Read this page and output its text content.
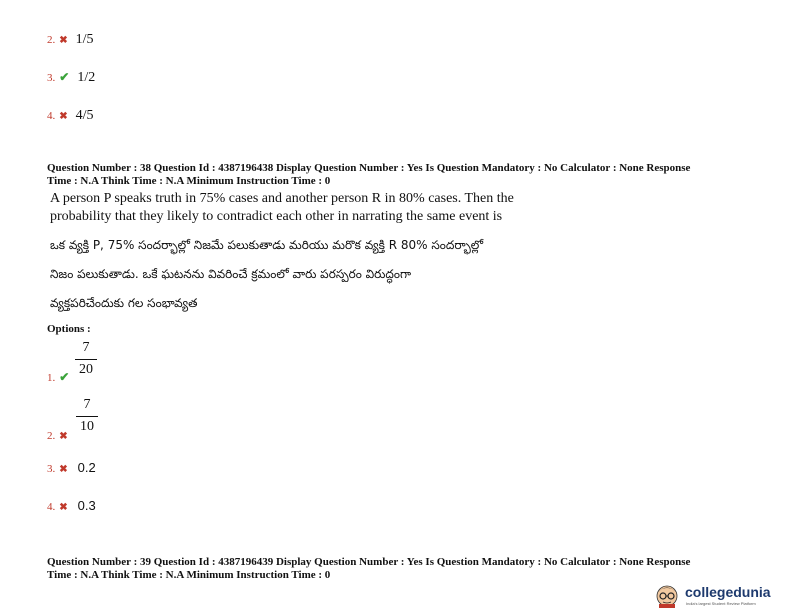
2. ✖ 1/5
3. ✔ 1/2
4. ✖ 4/5
Question Number : 38 Question Id : 4387196438 Display Question Number : Yes Is Question Mandatory : No Calculator : None Response
Time : N.A Think Time : N.A Minimum Instruction Time : 0
A person P speaks truth in 75% cases and another person R in 80% cases. Then the
probability that they likely to contradict each other in narrating the same event is
ఒక వ్యక్తి P, 75% సందర్భాల్లో నిజమే పలుకుతాడు మరియు మరొక వ్యక్తి R 80% సందర్భాల్లో
నిజం పలుకుతాడు. ఒకే ఘటనను వివరించే క్రమంలో వారు పరస్పరం విరుద్ధంగా
వ్యక్తపరిచేందుకు గల సంభావ్యత
Options :
1. ✔
7
20
2. ✖
7
10
3. ✖ 0.2
4. ✖ 0.3
Question Number : 39 Question Id : 4387196439 Display Question Number : Yes Is Question Mandatory : No Calculator : None Response
Time : N.A Think Time : N.A Minimum Instruction Time : 0
collegedunia
India's largest Student Review Platform
